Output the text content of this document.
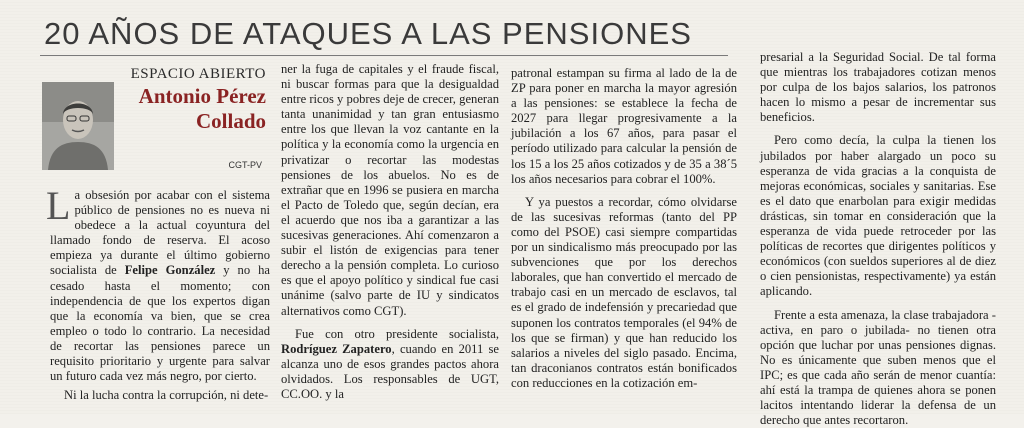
20 AÑOS DE ATAQUES A LAS PENSIONES
ESPACIO ABIERTO
Antonio Pérez Collado
CGT-PV

La obsesión por acabar con el sistema público de pensiones no es nueva ni obedece a la actual coyuntura del llamado fondo de reserva. El acoso empieza ya durante el último gobierno socialista de Felipe González y no ha cesado hasta el momento; con independencia de que los expertos digan que la economía va bien, que se crea empleo o todo lo contrario. La necesidad de recortar las pensiones parece un requisito prioritario y urgente para salvar un futuro cada vez más negro, por cierto.

Ni la lucha contra la corrupción, ni dete-

ner la fuga de capitales y el fraude fiscal, ni buscar formas para que la desigualdad entre ricos y pobres deje de crecer, generan tanta unanimidad y tan gran entusiasmo entre los que llevan la voz cantante en la política y la economía como la urgencia en privatizar o recortar las modestas pensiones de los abuelos. No es de extrañar que en 1996 se pusiera en marcha el Pacto de Toledo que, según decían, era el acuerdo que nos iba a garantizar a las sucesivas generaciones. Ahí comenzaron a subir el listón de exigencias para tener derecho a la pensión completa. Lo curioso es que el apoyo político y sindical fue casi unánime (salvo parte de IU y sindicatos alternativos como CGT).

Fue con otro presidente socialista, Rodríguez Zapatero, cuando en 2011 se alcanza uno de esos grandes pactos ahora olvidados. Los responsables de UGT, CC.OO. y la

patronal estampan su firma al lado de la de ZP para poner en marcha la mayor agresión a las pensiones: se establece la fecha de 2027 para llegar progresivamente a la jubilación a los 67 años, para pasar el período utilizado para calcular la pensión de los 15 a los 25 años cotizados y de 35 a 38´5 los años necesarios para cobrar el 100%.

Y ya puestos a recordar, cómo olvidarse de las sucesivas reformas (tanto del PP como del PSOE) casi siempre compartidas por un sindicalismo más preocupado por las subvenciones que por los derechos laborales, que han convertido el mercado de trabajo casi en un mercado de esclavos, tal es el grado de indefensión y precariedad que suponen los contratos temporales (el 94% de los que se firman) y que han reducido los salarios a niveles del siglo pasado. Encima, tan draconianos contratos están bonificados con reducciones en la cotización em-

presarial a la Seguridad Social. De tal forma que mientras los trabajadores cotizan menos por culpa de los bajos salarios, los patronos hacen lo mismo a pesar de incrementar sus beneficios.

Pero como decía, la culpa la tienen los jubilados por haber alargado un poco su esperanza de vida gracias a la conquista de mejoras económicas, sociales y sanitarias. Ese es el dato que enarbolan para exigir medidas drásticas, sin tomar en consideración que la esperanza de vida puede retroceder por las políticas de recortes que dirigentes políticos y económicos (con sueldos superiores al de diez o cien pensionistas, respectivamente) ya están aplicando.

Frente a esta amenaza, la clase trabajadora -activa, en paro o jubilada- no tienen otra opción que luchar por unas pensiones dignas. No es únicamente que suben menos que el IPC; es que cada año serán de menor cuantía: ahí está la trampa de quienes ahora se ponen lacitos intentando liderar la defensa de un derecho que antes recortaron.
